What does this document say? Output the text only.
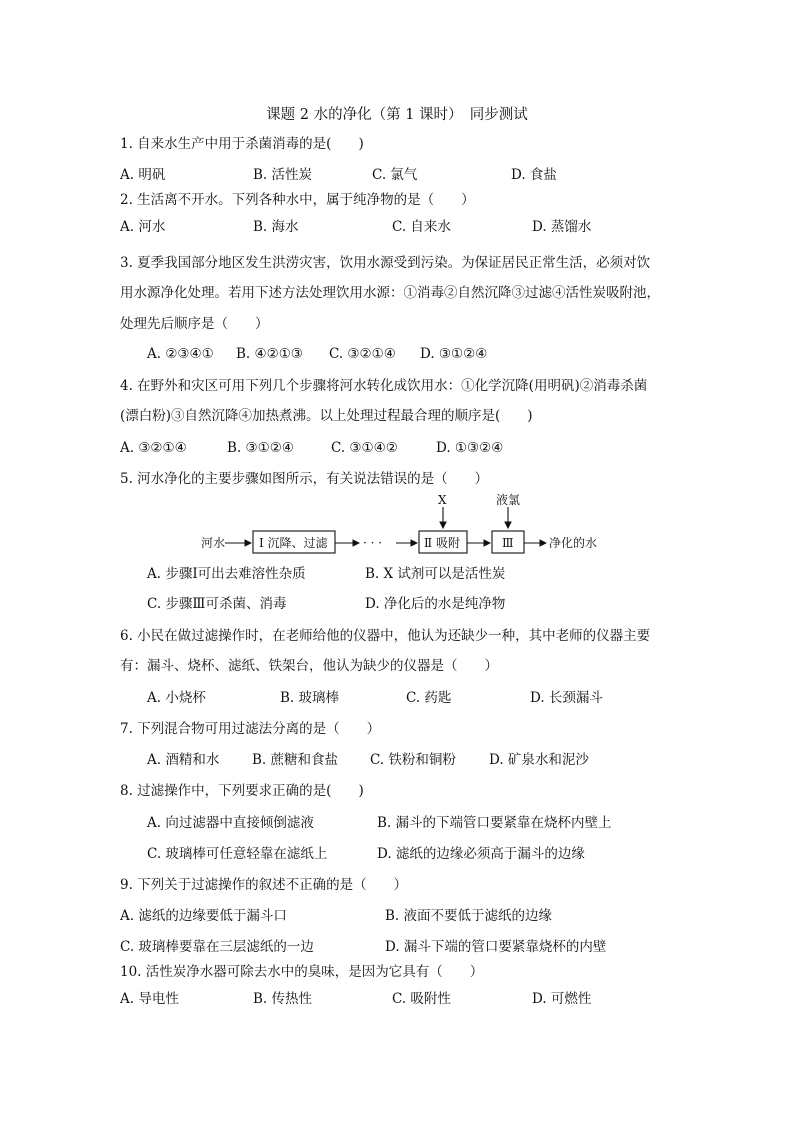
课题 2 水的净化（第 1 课时）　同步测试
1. 自来水生产中用于杀菌消毒的是(　　)
A. 明矾	B. 活性炭	C. 氯气	D. 食盐
2. 生活离不开水。下列各种水中，属于纯净物的是（　　）
A. 河水	B. 海水	C. 自来水	D. 蒸馏水
3. 夏季我国部分地区发生洪涝灾害，饮用水源受到污染。为保证居民正常生活，必须对饮
用水源净化处理。若用下述方法处理饮用水源：①消毒②自然沉降③过滤④活性炭吸附池，
处理先后顺序是（　　）
A. ②③④① B. ④②①③ C. ③②①④ D. ③①②④
4. 在野外和灾区可用下列几个步骤将河水转化成饮用水：①化学沉降(用明矾)②消毒杀菌
(漂白粉)③自然沉降④加热煮沸。以上处理过程最合理的顺序是(　　)
A. ③②①④	B. ③①②④	C. ③①④②	D. ①③②④
5. 河水净化的主要步骤如图所示，有关说法错误的是（　　）
河水	Ⅰ 沉降、过滤	· · ·
X
Ⅱ 吸附
液氯
Ⅲ	净化的水
A. 步骤Ⅰ可出去难溶性杂质	B. X 试剂可以是活性炭
C. 步骤Ⅲ可杀菌、消毒	D. 净化后的水是纯净物
6. 小民在做过滤操作时，在老师给他的仪器中，他认为还缺少一种，其中老师的仪器主要
有：漏斗、烧杯、滤纸、铁架台，他认为缺少的仪器是（　　）
A. 小烧杯	B. 玻璃棒	C. 药匙	D. 长颈漏斗
7. 下列混合物可用过滤法分离的是（　　）
A. 酒精和水 B. 蔗糖和食盐 C. 铁粉和铜粉 D. 矿泉水和泥沙
8. 过滤操作中，下列要求正确的是(　　)
A. 向过滤器中直接倾倒滤液	B. 漏斗的下端管口要紧靠在烧杯内壁上
C. 玻璃棒可任意轻靠在滤纸上	D. 滤纸的边缘必须高于漏斗的边缘
9. 下列关于过滤操作的叙述不正确的是（　　）
A. 滤纸的边缘要低于漏斗口	B. 液面不要低于滤纸的边缘
C. 玻璃棒要靠在三层滤纸的一边	D. 漏斗下端的管口要紧靠烧杯的内壁
10. 活性炭净水器可除去水中的臭味，是因为它具有（　　）
A. 导电性	B. 传热性	C. 吸附性	D. 可燃性
